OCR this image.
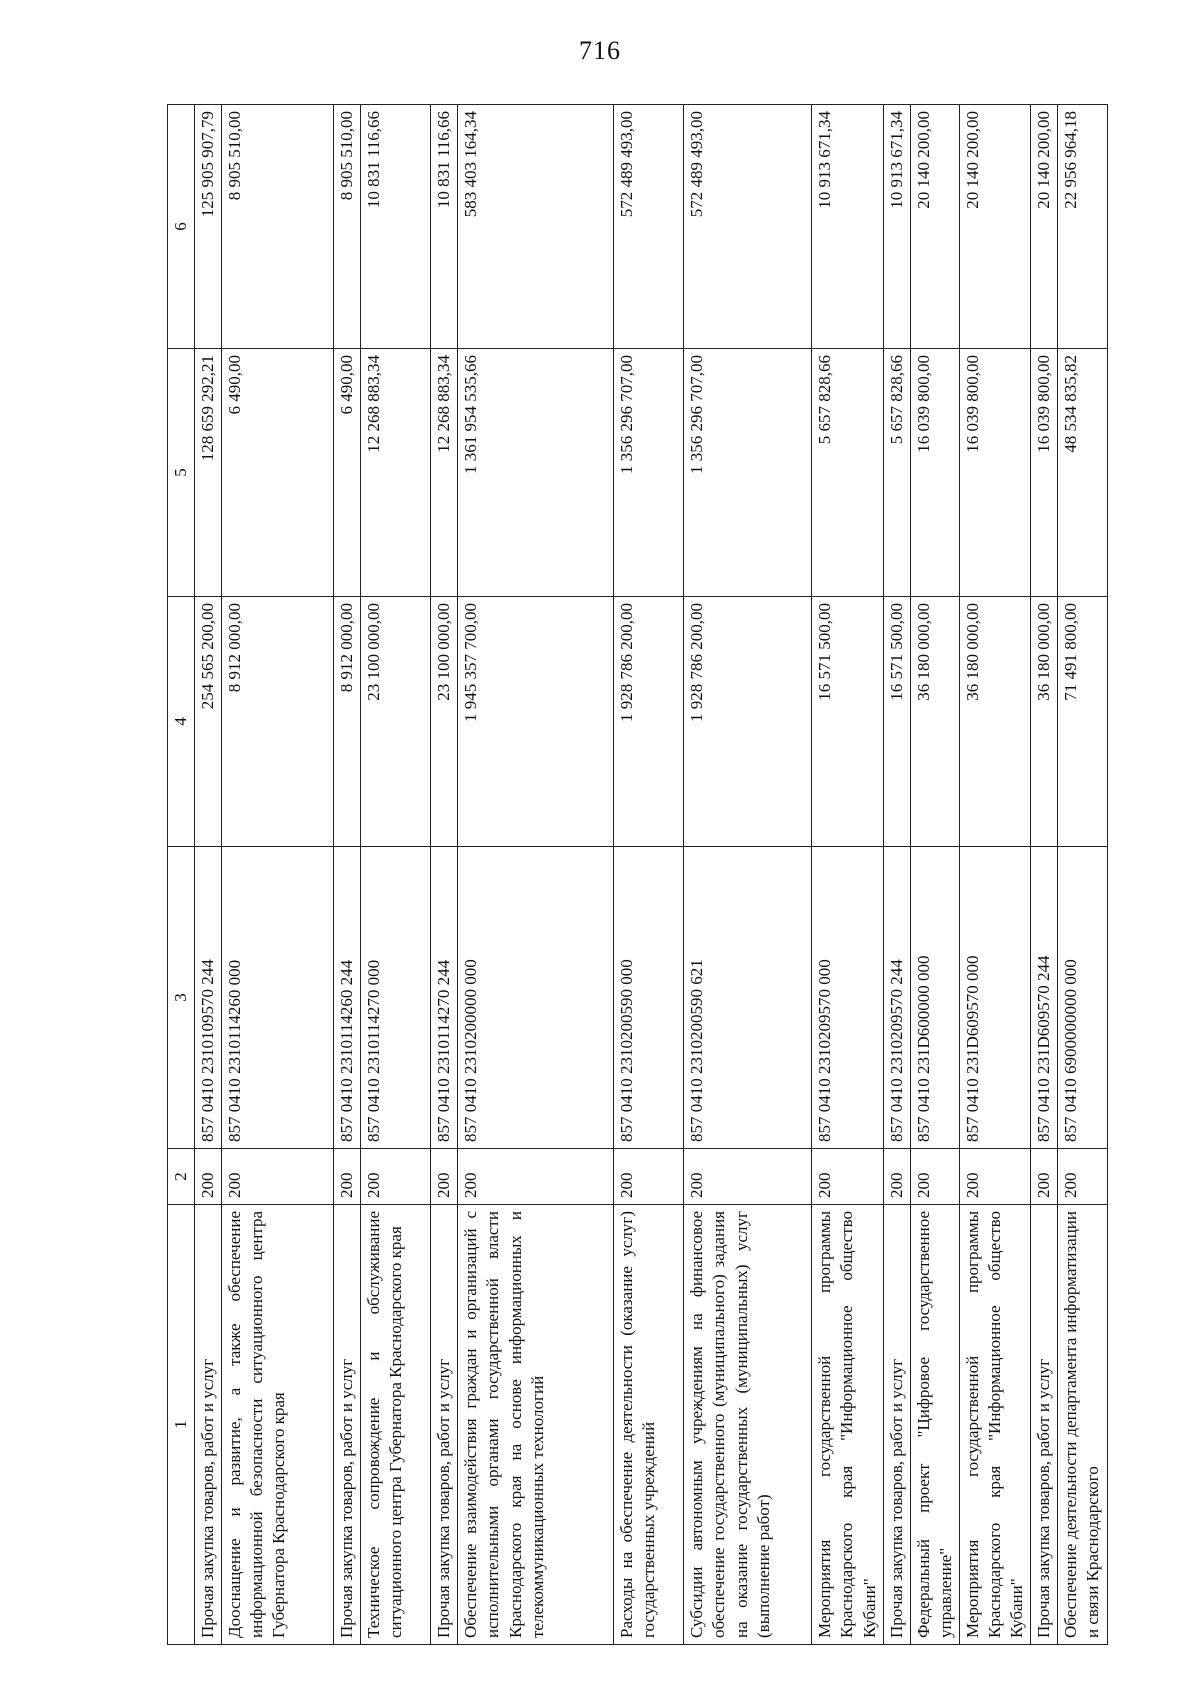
716
1	2	3	4	5	6
Прочая закупка товаров, работ и услуг	200	857 0410 2310109570 244	254 565 200,00	128 659 292,21	125 905 907,79
Дооснащение и развитие, а также обеспечение информационной безопасности ситуационного центра Губернатора Краснодарского края	200	857 0410 2310114260 000	8 912 000,00	6 490,00	8 905 510,00
Прочая закупка товаров, работ и услуг	200	857 0410 2310114260 244	8 912 000,00	6 490,00	8 905 510,00
Техническое сопровождение и обслуживание ситуационного центра Губернатора Краснодарского края	200	857 0410 2310114270 000	23 100 000,00	12 268 883,34	10 831 116,66
Прочая закупка товаров, работ и услуг	200	857 0410 2310114270 244	23 100 000,00	12 268 883,34	10 831 116,66
Обеспечение взаимодействия граждан и организаций с исполнительными органами государственной власти Краснодарского края на основе информационных и телекоммуникационных технологий	200	857 0410 2310200000 000	1 945 357 700,00	1 361 954 535,66	583 403 164,34
Расходы на обеспечение деятельности (оказание услуг) государственных учреждений	200	857 0410 2310200590 000	1 928 786 200,00	1 356 296 707,00	572 489 493,00
Субсидии автономным учреждениям на финансовое обеспечение государственного (муниципального) задания на оказание государственных (муниципальных) услуг (выполнение работ)	200	857 0410 2310200590 621	1 928 786 200,00	1 356 296 707,00	572 489 493,00
Мероприятия государственной программы Краснодарского края "Информационное общество Кубани"	200	857 0410 2310209570 000	16 571 500,00	5 657 828,66	10 913 671,34
Прочая закупка товаров, работ и услуг	200	857 0410 2310209570 244	16 571 500,00	5 657 828,66	10 913 671,34
Федеральный проект "Цифровое государственное управление"	200	857 0410 231D600000 000	36 180 000,00	16 039 800,00	20 140 200,00
Мероприятия государственной программы Краснодарского края "Информационное общество Кубани"	200	857 0410 231D609570 000	36 180 000,00	16 039 800,00	20 140 200,00
Прочая закупка товаров, работ и услуг	200	857 0410 231D609570 244	36 180 000,00	16 039 800,00	20 140 200,00
Обеспечение деятельности департамента информатизации и связи Краснодарского	200	857 0410 6900000000 000	71 491 800,00	48 534 835,82	22 956 964,18
